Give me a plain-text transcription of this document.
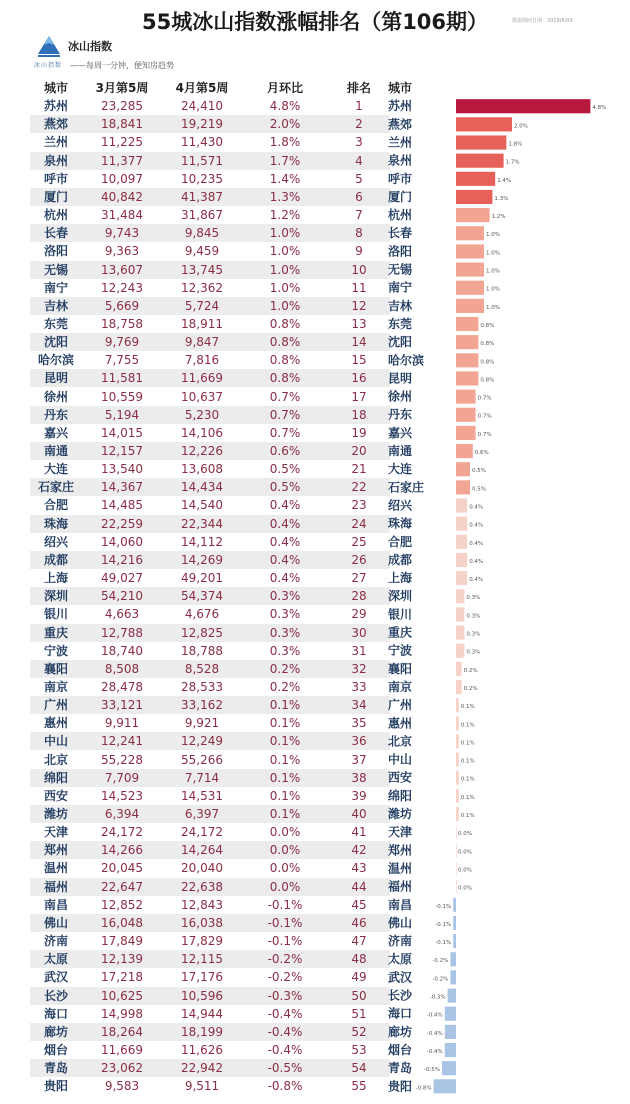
55城冰山指数涨幅排名（第106期）	数据期间日期：2019/6/09
冰山指数
冰山指数 ——每周一分钟，便知房趋势
城市	3月第5周	4月第5周	月环比	排名
苏州	23,285	24,410	4.8%	1
燕郊	18,841	19,219	2.0%	2
兰州	11,225	11,430	1.8%	3
泉州	11,377	11,571	1.7%	4
呼市	10,097	10,235	1.4%	5
厦门	40,842	41,387	1.3%	6
杭州	31,484	31,867	1.2%	7
长春	9,743	9,845	1.0%	8
洛阳	9,363	9,459	1.0%	9
无锡	13,607	13,745	1.0%	10
南宁	12,243	12,362	1.0%	11
吉林	5,669	5,724	1.0%	12
东莞	18,758	18,911	0.8%	13
沈阳	9,769	9,847	0.8%	14
哈尔滨	7,755	7,816	0.8%	15
昆明	11,581	11,669	0.8%	16
徐州	10,559	10,637	0.7%	17
丹东	5,194	5,230	0.7%	18
嘉兴	14,015	14,106	0.7%	19
南通	12,157	12,226	0.6%	20
大连	13,540	13,608	0.5%	21
石家庄	14,367	14,434	0.5%	22
合肥	14,485	14,540	0.4%	23
珠海	22,259	22,344	0.4%	24
绍兴	14,060	14,112	0.4%	25
成都	14,216	14,269	0.4%	26
上海	49,027	49,201	0.4%	27
深圳	54,210	54,374	0.3%	28
银川	4,663	4,676	0.3%	29
重庆	12,788	12,825	0.3%	30
宁波	18,740	18,788	0.3%	31
襄阳	8,508	8,528	0.2%	32
南京	28,478	28,533	0.2%	33
广州	33,121	33,162	0.1%	34
惠州	9,911	9,921	0.1%	35
中山	12,241	12,249	0.1%	36
北京	55,228	55,266	0.1%	37
绵阳	7,709	7,714	0.1%	38
西安	14,523	14,531	0.1%	39
潍坊	6,394	6,397	0.1%	40
天津	24,172	24,172	0.0%	41
郑州	14,266	14,264	0.0%	42
温州	20,045	20,040	0.0%	43
福州	22,647	22,638	0.0%	44
南昌	12,852	12,843	-0.1%	45
佛山	16,048	16,038	-0.1%	46
济南	17,849	17,829	-0.1%	47
太原	12,139	12,115	-0.2%	48
武汉	17,218	17,176	-0.2%	49
长沙	10,625	10,596	-0.3%	50
海口	14,998	14,944	-0.4%	51
廊坊	18,264	18,199	-0.4%	52
烟台	11,669	11,626	-0.4%	53
青岛	23,062	22,942	-0.5%	54
贵阳	9,583	9,511	-0.8%	55
城市
苏州	4.8%
燕郊	2.0%
兰州	1.8%
泉州	1.7%
呼市	1.4%
厦门	1.3%
杭州	1.2%
长春	1.0%
洛阳	1.0%
无锡	1.0%
南宁	1.0%
吉林	1.0%
东莞	0.8%
沈阳	0.8%
哈尔滨	0.8%
昆明	0.8%
徐州	0.7%
丹东	0.7%
嘉兴	0.7%
南通	0.6%
大连	0.5%
石家庄	0.5%
绍兴	0.4%
珠海	0.4%
合肥	0.4%
成都	0.4%
上海	0.4%
深圳	0.3%
银川	0.3%
重庆	0.3%
宁波	0.3%
襄阳	0.2%
南京	0.2%
广州	0.1%
惠州	0.1%
北京	0.1%
中山	0.1%
西安	0.1%
绵阳	0.1%
潍坊	0.1%
天津	0.0%
郑州	0.0%
温州	0.0%
福州	0.0%
南昌	-0.1%
佛山	-0.1%
济南	-0.1%
太原	-0.2%
武汉	-0.2%
长沙	-0.3%
海口	-0.4%
廊坊	-0.4%
烟台	-0.4%
青岛 -0.5%
贵阳 -0.8%
